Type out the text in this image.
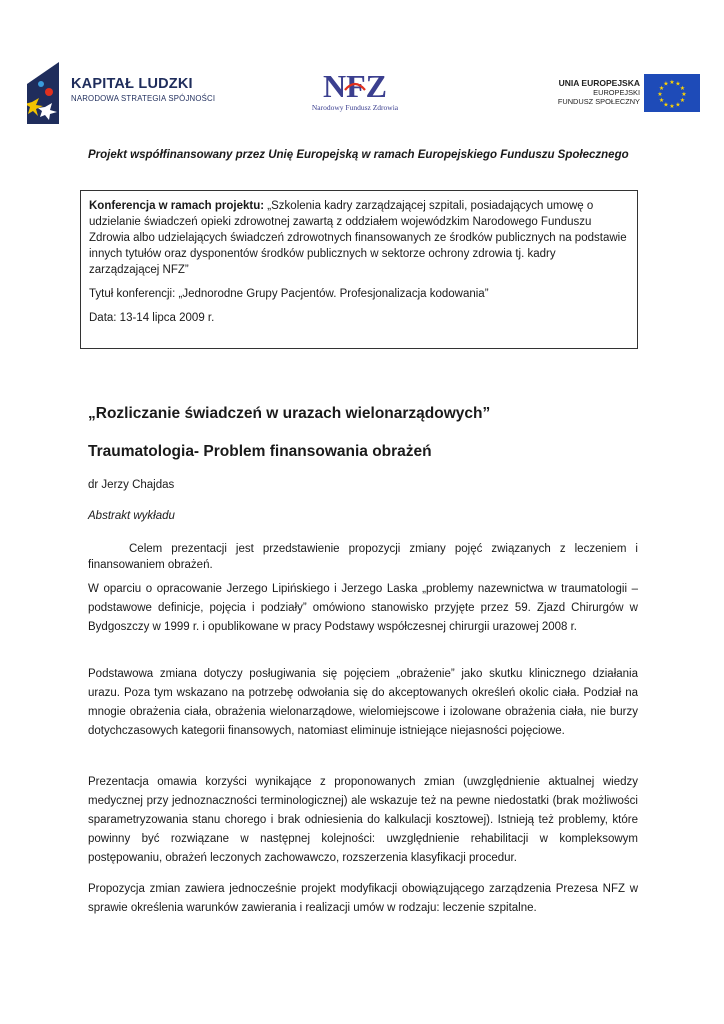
KAPITAŁ LUDZKI
NARODOWA STRATEGIA SPÓJNOŚCI	NFZ
Narodowy Fundusz Zdrowia
UNIA EUROPEJSKA
EUROPEJSKI
FUNDUSZ SPOŁECZNY
★
★
★
★
★
★
★
★
★ ★ ★
★
Projekt współfinansowany przez Unię Europejską w ramach Europejskiego Funduszu Społecznego

Konferencja w ramach projektu: „Szkolenia kadry zarządzającej szpitali, posiadających umowę o udzielanie świadczeń opieki zdrowotnej zawartą z oddziałem wojewódzkim Narodowego Funduszu Zdrowia albo udzielających świadczeń zdrowotnych finansowanych ze środków publicznych na podstawie innych tytułów oraz dysponentów środków publicznych w sektorze ochrony zdrowia tj. kadry zarządzającej NFZ”

Tytuł konferencji: „Jednorodne Grupy Pacjentów. Profesjonalizacja kodowania”

Data: 13-14 lipca 2009 r.

„Rozliczanie świadczeń w urazach wielonarządowych”
Traumatologia- Problem finansowania obrażeń
dr Jerzy Chajdas
Abstrakt wykładu

Celem prezentacji jest przedstawienie propozycji zmiany pojęć związanych z leczeniem i finansowaniem obrażeń.

W oparciu o opracowanie Jerzego Lipińskiego i Jerzego Laska „problemy nazewnictwa w traumatologii – podstawowe definicje, pojęcia i podziały” omówiono stanowisko przyjęte przez 59. Zjazd Chirurgów w Bydgoszczy w 1999 r. i opublikowane w pracy Podstawy współczesnej chirurgii urazowej 2008 r.

Podstawowa zmiana dotyczy posługiwania się pojęciem „obrażenie” jako skutku klinicznego działania urazu. Poza tym wskazano na potrzebę odwołania się do akceptowanych określeń okolic ciała. Podział na mnogie obrażenia ciała, obrażenia wielonarządowe, wielomiejscowe i izolowane obrażenia ciała, nie burzy dotychczasowych kategorii finansowych, natomiast eliminuje istniejące niejasności pojęciowe.

Prezentacja omawia korzyści wynikające z proponowanych zmian (uwzględnienie aktualnej wiedzy medycznej przy jednoznaczności terminologicznej) ale wskazuje też na pewne niedostatki (brak możliwości sparametryzowania stanu chorego i brak odniesienia do kalkulacji kosztowej). Istnieją też problemy, które powinny być rozwiązane w następnej kolejności: uwzględnienie rehabilitacji w kompleksowym postępowaniu, obrażeń leczonych zachowawczo, rozszerzenia klasyfikacji procedur.

Propozycja zmian zawiera jednocześnie projekt modyfikacji obowiązującego zarządzenia Prezesa NFZ w sprawie określenia warunków zawierania i realizacji umów w rodzaju: leczenie szpitalne.
